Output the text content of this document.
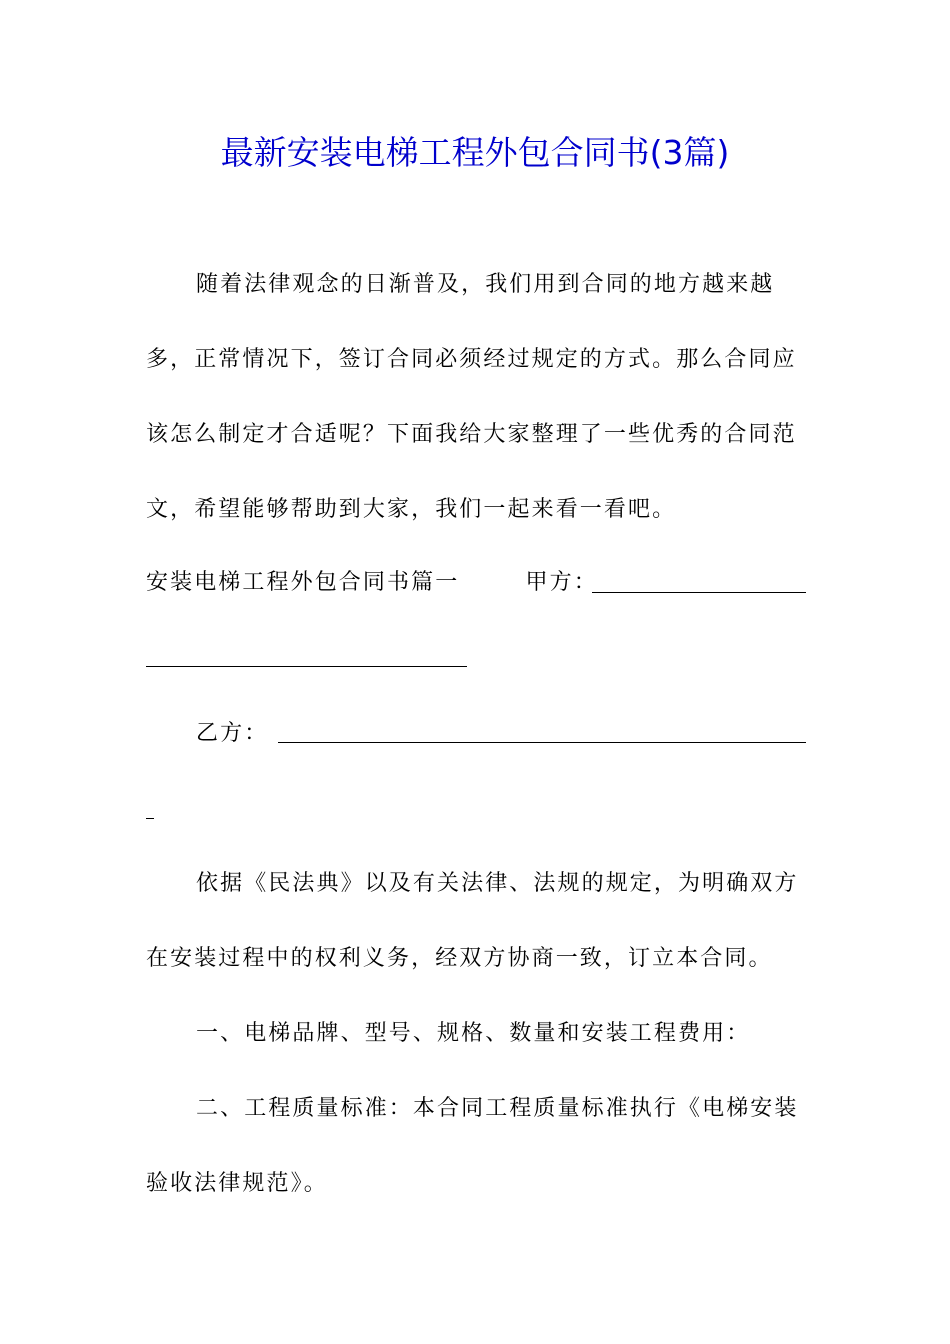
最新安装电梯工程外包合同书(3篇)

随着法律观念的日渐普及，我们用到合同的地方越来越多，正常情况下，签订合同必须经过规定的方式。那么合同应该怎么制定才合适呢？下面我给大家整理了一些优秀的合同范文，希望能够帮助到大家，我们一起来看一看吧。

安装电梯工程外包合同书篇一	甲方：
乙方：

依据《民法典》以及有关法律、法规的规定，为明确双方在安装过程中的权利义务，经双方协商一致，订立本合同。

一、电梯品牌、型号、规格、数量和安装工程费用：

二、工程质量标准：本合同工程质量标准执行《电梯安装验收法律规范》。
